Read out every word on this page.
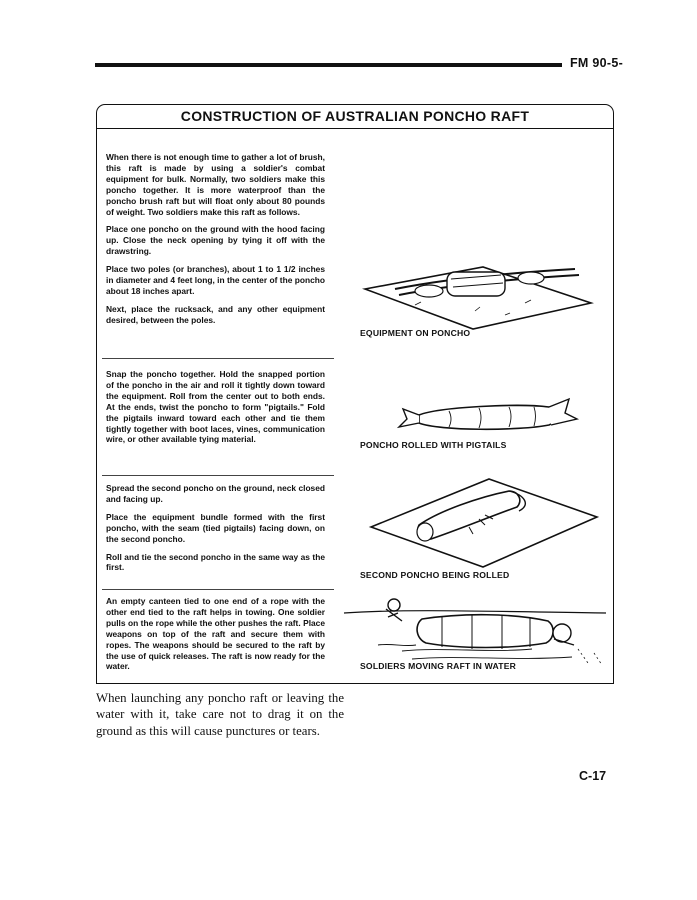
FM 90-5-
CONSTRUCTION OF AUSTRALIAN PONCHO RAFT

When there is not enough time to gather a lot of brush, this raft is made by using a soldier's combat equipment for bulk. Normally, two soldiers make this poncho together. It is more waterproof than the poncho brush raft but will float only about 80 pounds of weight. Two soldiers make this raft as follows.

Place one poncho on the ground with the hood facing up. Close the neck opening by tying it off with the drawstring.

Place two poles (or branches), about 1 to 1 1/2 inches in diameter and 4 feet long, in the center of the poncho about 18 inches apart.

Next, place the rucksack, and any other equipment desired, between the poles.

Snap the poncho together. Hold the snapped portion of the poncho in the air and roll it tightly down toward the equipment. Roll from the center out to both ends. At the ends, twist the poncho to form "pigtails." Fold the pigtails inward toward each other and tie them tightly together with boot laces, vines, communication wire, or other available tying material.

Spread the second poncho on the ground, neck closed and facing up.

Place the equipment bundle formed with the first poncho, with the seam (tied pigtails) facing down, on the second poncho.

Roll and tie the second poncho in the same way as the first.

An empty canteen tied to one end of a rope with the other end tied to the raft helps in towing. One soldier pulls on the rope while the other pushes the raft. Place weapons on top of the raft and secure them with ropes. The weapons should be secured to the raft by the use of quick releases. The raft is now ready for the water.

EQUIPMENT ON PONCHO
PONCHO ROLLED WITH PIGTAILS
SECOND PONCHO BEING ROLLED
SOLDIERS MOVING RAFT IN WATER

When launching any poncho raft or leaving the water with it, take care not to drag it on the ground as this will cause punctures or tears.

C-17
